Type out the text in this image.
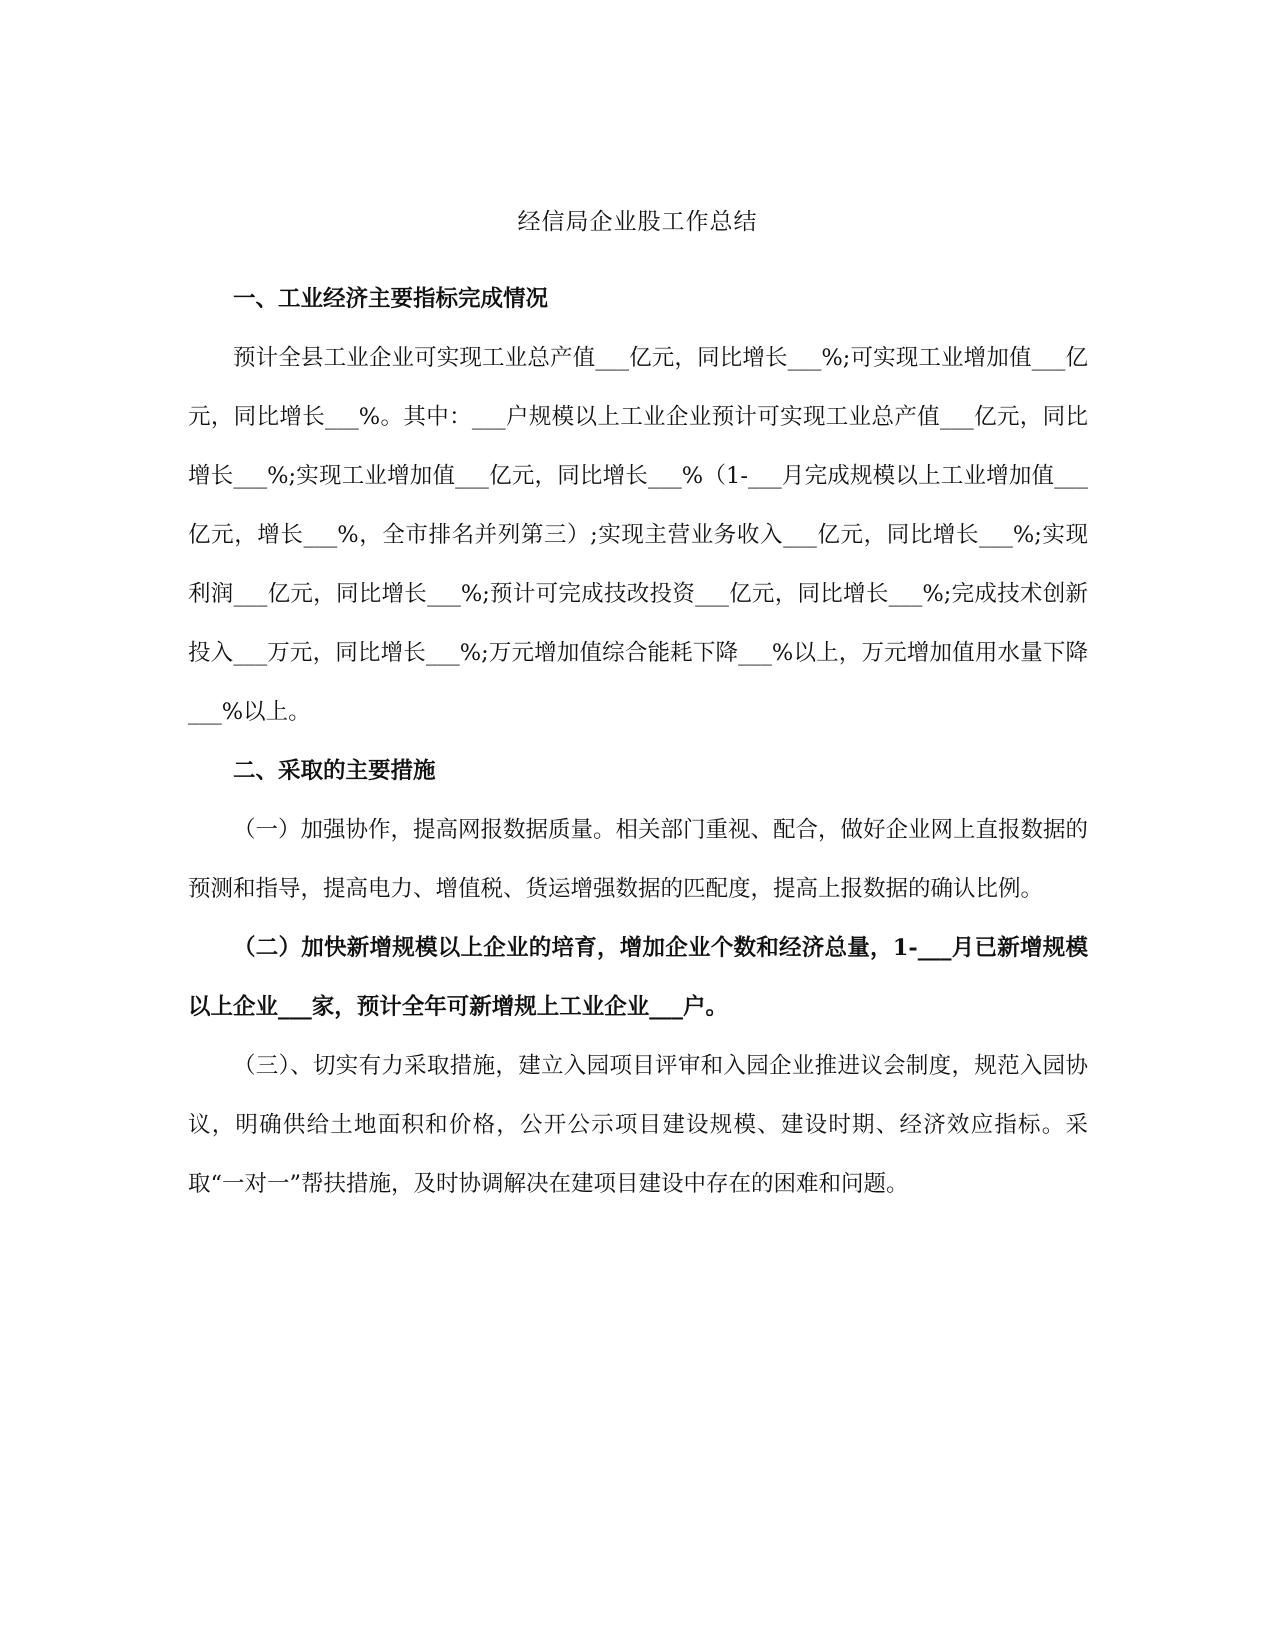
经信局企业股工作总结

一、工业经济主要指标完成情况

预计全县工业企业可实现工业总产值___亿元，同比增长___%;可实现工业增加值___亿元，同比增长___%。其中：___户规模以上工业企业预计可实现工业总产值___亿元，同比增长___%;实现工业增加值___亿元，同比增长___%（1-___月完成规模以上工业增加值___亿元，增长___%，全市排名并列第三）;实现主营业务收入___亿元，同比增长___%;实现利润___亿元，同比增长___%;预计可完成技改投资___亿元，同比增长___%;完成技术创新投入___万元，同比增长___%;万元增加值综合能耗下降___%以上，万元增加值用水量下降___%以上。

二、采取的主要措施

（一）加强协作，提高网报数据质量。相关部门重视、配合，做好企业网上直报数据的预测和指导，提高电力、增值税、货运增强数据的匹配度，提高上报数据的确认比例。

（二）加快新增规模以上企业的培育，增加企业个数和经济总量，1-___月已新增规模以上企业___家，预计全年可新增规上工业企业___户。

（三）、切实有力采取措施，建立入园项目评审和入园企业推进议会制度，规范入园协议，明确供给土地面积和价格，公开公示项目建设规模、建设时期、经济效应指标。采取“一对一”帮扶措施，及时协调解决在建项目建设中存在的困难和问题。
